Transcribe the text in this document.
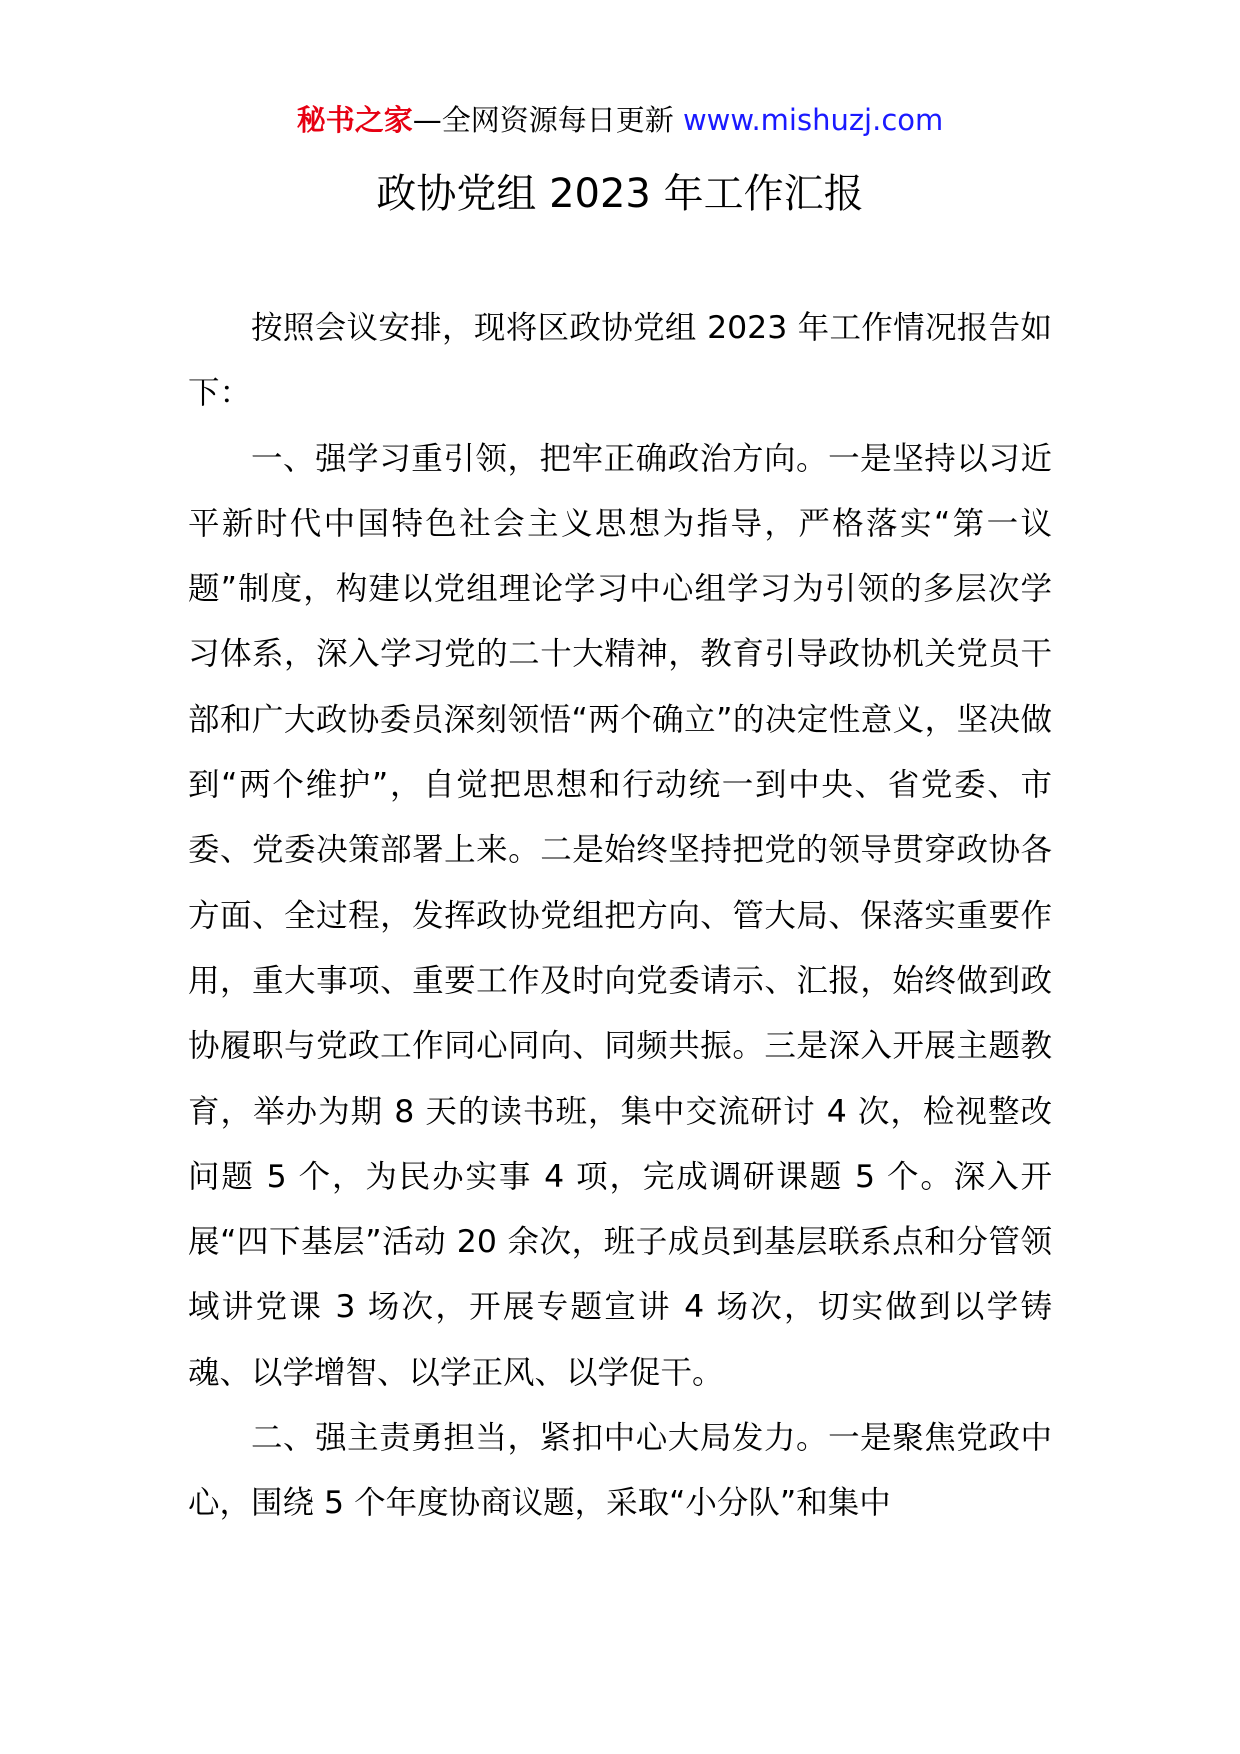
秘书之家—全网资源每日更新 www.mishuzj.com
政协党组 2023 年工作汇报

按照会议安排，现将区政协党组 2023 年工作情况报告如下：

一、强学习重引领，把牢正确政治方向。一是坚持以习近平新时代中国特色社会主义思想为指导，严格落实“第一议题”制度，构建以党组理论学习中心组学习为引领的多层次学习体系，深入学习党的二十大精神，教育引导政协机关党员干部和广大政协委员深刻领悟“两个确立”的决定性意义，坚决做到“两个维护”，自觉把思想和行动统一到中央、省党委、市委、党委决策部署上来。二是始终坚持把党的领导贯穿政协各方面、全过程，发挥政协党组把方向、管大局、保落实重要作用，重大事项、重要工作及时向党委请示、汇报，始终做到政协履职与党政工作同心同向、同频共振。三是深入开展主题教育，举办为期 8 天的读书班，集中交流研讨 4 次，检视整改问题 5 个，为民办实事 4 项，完成调研课题 5 个。深入开展“四下基层”活动 20 余次，班子成员到基层联系点和分管领域讲党课 3 场次，开展专题宣讲 4 场次，切实做到以学铸魂、以学增智、以学正风、以学促干。

二、强主责勇担当，紧扣中心大局发力。一是聚焦党政中心，围绕 5 个年度协商议题，采取“小分队”和集中
